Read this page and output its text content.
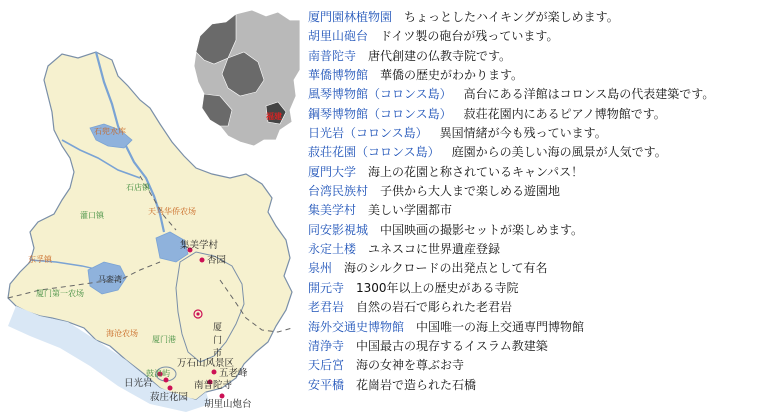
石兜水库
石店镇
灌口镇	天马华侨农场
马銮湾
东孚镇
厦门第一农场
海沧农场
厦门港	厦门市
集美学村
杏园
万石山风景区
五老峰
南普陀寺
日光岩
鼓浪屿
菽庄花园
胡里山炮台
福建
厦門園林植物園 ちょっとしたハイキングが楽しめます。
胡里山砲台 ドイツ製の砲台が残っています。
南普陀寺 唐代創建の仏教寺院です。
華僑博物館 華僑の歴史がわかります。
風琴博物館（コロンス島） 高台にある洋館はコロンス島の代表建築です。
鋼琴博物館（コロンス島） 菽荘花園内にあるピアノ博物館です。
日光岩（コロンス島） 異国情緒が今も残っています。
菽荘花園（コロンス島） 庭園からの美しい海の風景が人気です。
厦門大学 海上の花園と称されているキャンパス！
台湾民族村 子供から大人まで楽しめる遊園地
集美学村 美しい学園都市
同安影視城 中国映画の撮影セットが楽しめます。
永定土楼 ユネスコに世界遺産登録
泉州 海のシルクロードの出発点として有名
開元寺 1300年以上の歴史がある寺院
老君岩 自然の岩石で彫られた老君岩
海外交通史博物館 中国唯一の海上交通専門博物館
清浄寺 中国最古の現存するイスラム教建築
天后宮 海の女神を尊ぶお寺
安平橋 花崗岩で造られた石橋
